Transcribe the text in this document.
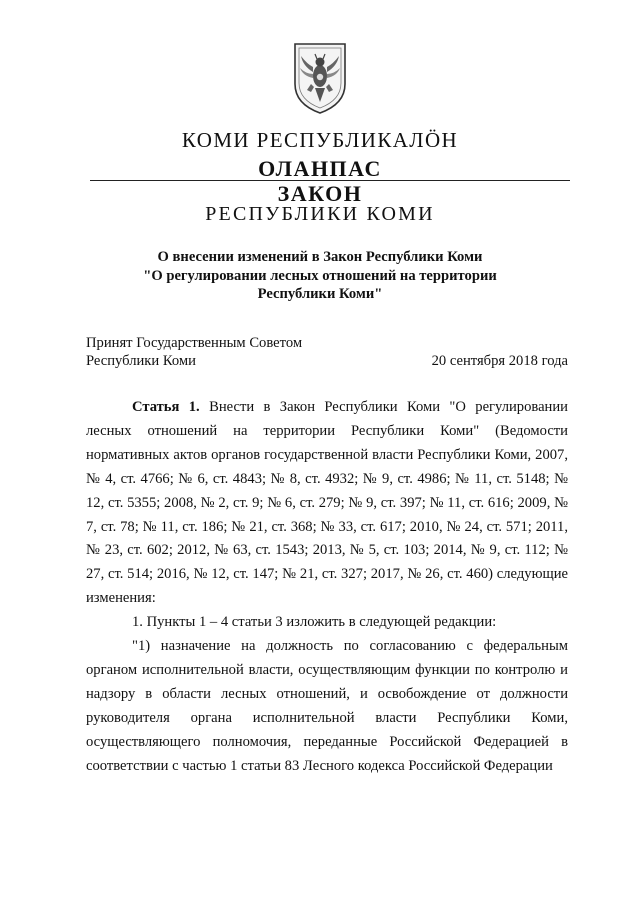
КОМИ РЕСПУБЛИКАЛӦН
ОЛАНПАС
ЗАКОН
РЕСПУБЛИКИ КОМИ
О внесении изменений в Закон Республики Коми
"О регулировании лесных отношений на территории
Республики Коми"
Принят Государственным Советом
Республики Коми	20 сентября 2018 года

Статья 1. Внести в Закон Республики Коми "О регулировании лесных отношений на территории Республики Коми" (Ведомости нормативных актов органов государственной власти Республики Коми, 2007, № 4, ст. 4766; № 6, ст. 4843; № 8, ст. 4932; № 9, ст. 4986; № 11, ст. 5148; № 12, ст. 5355; 2008, № 2, ст. 9; № 6, ст. 279; № 9, ст. 397; № 11, ст. 616; 2009, № 7, ст. 78; № 11, ст. 186; № 21, ст. 368; № 33, ст. 617; 2010, № 24, ст. 571; 2011, № 23, ст. 602; 2012, № 63, ст. 1543; 2013, № 5, ст. 103; 2014, № 9, ст. 112; № 27, ст. 514; 2016, № 12, ст. 147; № 21, ст. 327; 2017, № 26, ст. 460) следующие изменения:

1. Пункты 1 – 4 статьи 3 изложить в следующей редакции:

"1) назначение на должность по согласованию с федеральным органом исполнительной власти, осуществляющим функции по контролю и надзору в области лесных отношений, и освобождение от должности руководителя органа исполнительной власти Республики Коми, осуществляющего полномочия, переданные Российской Федерацией в соответствии с частью 1 статьи 83 Лесного кодекса Российской Федерации
